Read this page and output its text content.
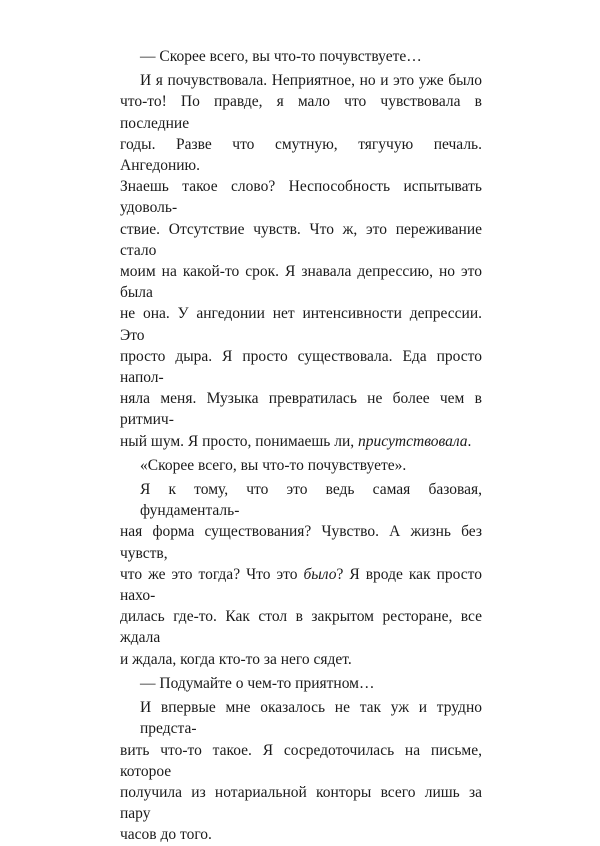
— Скорее всего, вы что-то почувствуете…
И я почувствовала. Неприятное, но и это уже было
что-то! По правде, я мало что чувствовала в последние
годы. Разве что смутную, тягучую печаль. Ангедонию.
Знаешь такое слово? Неспособность испытывать удоволь-
ствие. Отсутствие чувств. Что ж, это переживание стало
моим на какой-то срок. Я знавала депрессию, но это была
не она. У ангедонии нет интенсивности депрессии. Это
просто дыра. Я просто существовала. Еда просто напол-
няла меня. Музыка превратилась не более чем в ритмич-
ный шум. Я просто, понимаешь ли, присутствовала.
«Скорее всего, вы что-то почувствуете».
Я к тому, что это ведь самая базовая, фундаменталь-
ная форма существования? Чувство. А жизнь без чувств,
что же это тогда? Что это было? Я вроде как просто нахо-
дилась где-то. Как стол в закрытом ресторане, все ждала
и ждала, когда кто-то за него сядет.
— Подумайте о чем-то приятном…
И впервые мне оказалось не так уж и трудно предста-
вить что-то такое. Я сосредоточилась на письме, которое
получила из нотариальной конторы всего лишь за пару
часов до того.
